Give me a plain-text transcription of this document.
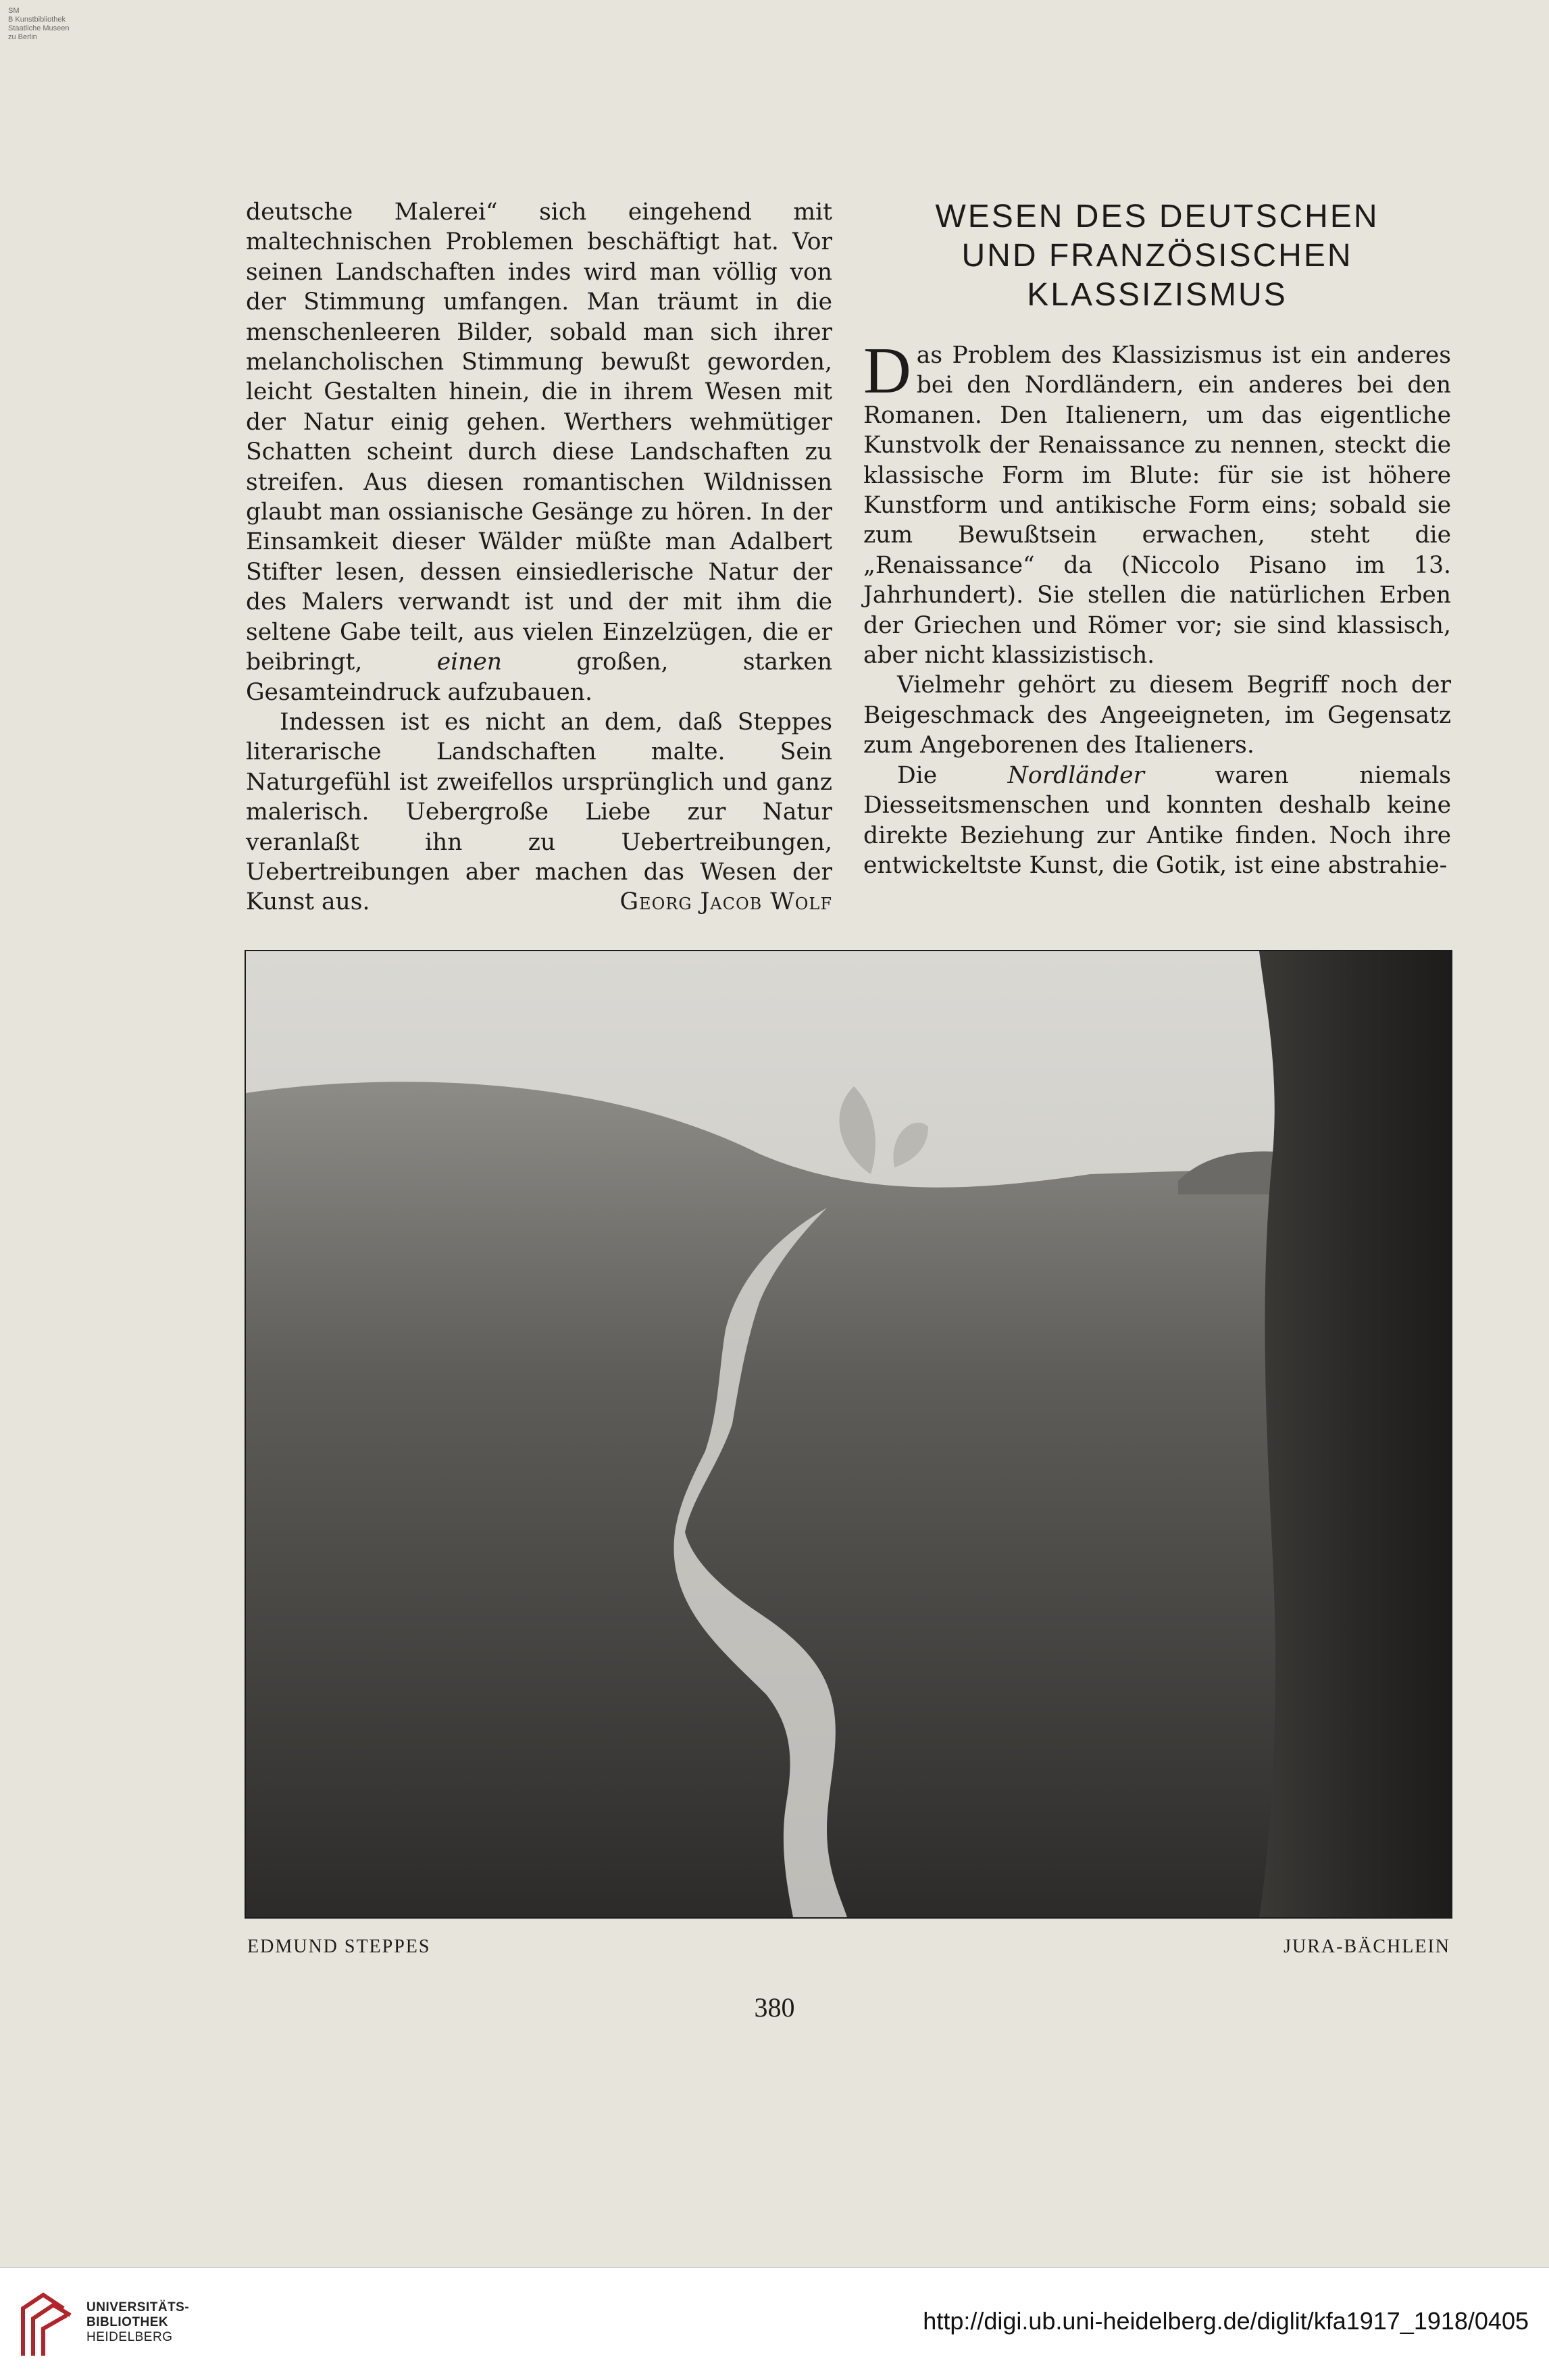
SM
B Kunstbibliothek
Staatliche Museen
zu Berlin

deutsche Malerei“ sich eingehend mit maltechnischen Problemen beschäftigt hat. Vor seinen Landschaften indes wird man völlig von der Stimmung umfangen. Man träumt in die menschenleeren Bilder, sobald man sich ihrer melancholischen Stimmung bewußt geworden, leicht Gestalten hinein, die in ihrem Wesen mit der Natur einig gehen. Werthers wehmütiger Schatten scheint durch diese Landschaften zu streifen. Aus diesen romantischen Wildnissen glaubt man ossianische Gesänge zu hören. In der Einsamkeit dieser Wälder müßte man Adalbert Stifter lesen, dessen einsiedlerische Natur der des Malers verwandt ist und der mit ihm die seltene Gabe teilt, aus vielen Einzelzügen, die er beibringt,	einen	großen, starken Gesamteindruck aufzubauen.

Indessen ist es nicht an dem, daß Steppes literarische Landschaften malte. Sein Naturgefühl ist zweifellos ursprünglich und ganz malerisch. Uebergroße Liebe zur Natur veranlaßt ihn zu Uebertreibungen, Uebertreibungen aber machen das Wesen der Kunst aus.	Georg Jacob Wolf

WESEN DES DEUTSCHEN
UND FRANZÖSISCHEN
KLASSIZISMUS

Das Problem des Klassizismus ist ein anderes bei den Nordländern, ein anderes bei den Romanen. Den Italienern, um das eigentliche Kunstvolk der Renaissance zu nennen, steckt die klassische Form im Blute: für sie ist höhere Kunstform und antikische Form eins; sobald sie zum Bewußtsein erwachen, steht die „Renaissance“ da (Niccolo Pisano im 13. Jahrhundert). Sie stellen die natürlichen Erben der Griechen und Römer vor; sie sind klassisch, aber nicht klassizistisch.

Vielmehr gehört zu diesem Begriff noch der Beigeschmack des Angeeigneten, im Gegensatz zum Angeborenen des Italieners.

Die	Nordländer	waren niemals Diesseitsmenschen und konnten deshalb keine direkte Beziehung zur Antike finden. Noch ihre entwickeltste Kunst, die Gotik, ist eine abstrahie-

EDMUND STEPPES	JURA-BÄCHLEIN
380
UNIVERSITÄTS-
BIBLIOTHEK
HEIDELBERG
http://digi.ub.uni-heidelberg.de/diglit/kfa1917_1918/0405
